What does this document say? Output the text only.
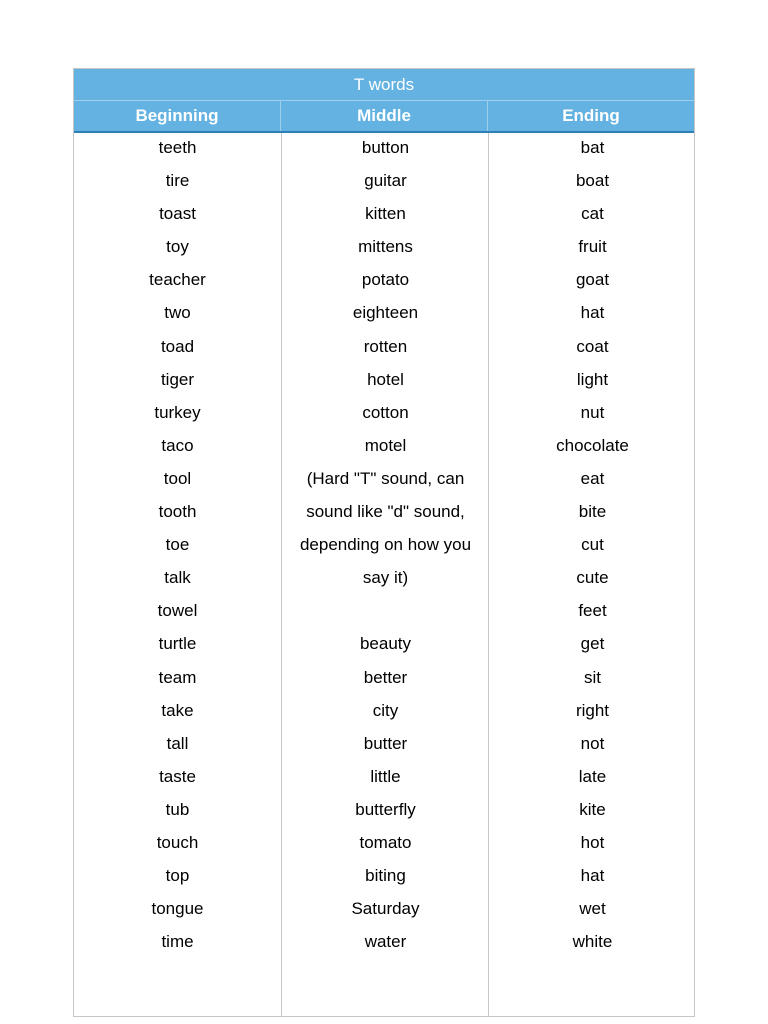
T words
Beginning	Middle	Ending
teeth
tire
toast
toy
teacher
two
toad
tiger
turkey
taco
tool
tooth
toe
talk
towel
turtle
team
take
tall
taste
tub
touch
top
tongue
time
button
guitar
kitten
mittens
potato
eighteen
rotten
hotel
cotton
motel
(Hard "T" sound, can
sound like "d" sound,
depending on how you
say it)
beauty
better
city
butter
little
butterfly
tomato
biting
Saturday
water
bat
boat
cat
fruit
goat
hat
coat
light
nut
chocolate
eat
bite
cut
cute
feet
get
sit
right
not
late
kite
hot
hat
wet
white
